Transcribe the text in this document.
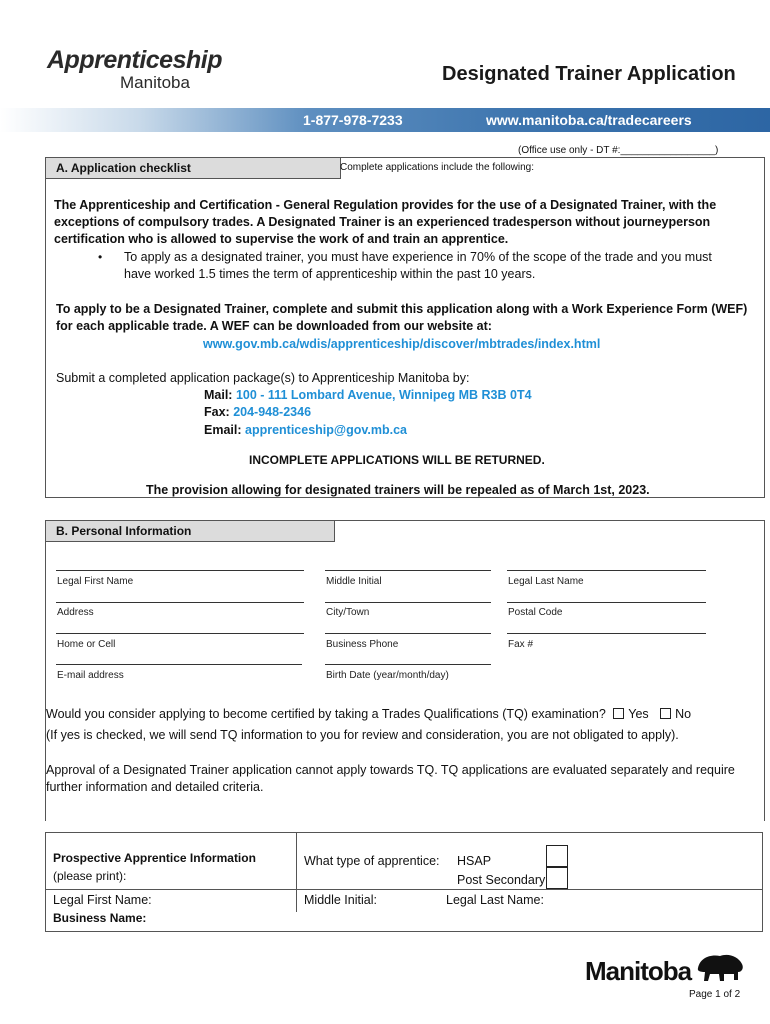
Apprenticeship
Manitoba	Designated Trainer Application
1-877-978-7233	www.manitoba.ca/tradecareers
(Office use only - DT #:_________________)
A. Application checklist	Complete applications include the following:
The Apprenticeship and Certification - General Regulation provides for the use of a Designated Trainer, with the exceptions of compulsory trades. A Designated Trainer is an experienced tradesperson without journeyperson certification who is allowed to supervise the work of and train an apprentice.
• To apply as a designated trainer, you must have experience in 70% of the scope of the trade and you must have worked 1.5 times the term of apprenticeship within the past 10 years.
To apply to be a Designated Trainer, complete and submit this application along with a Work Experience Form (WEF) for each applicable trade. A WEF can be downloaded from our website at:
www.gov.mb.ca/wdis/apprenticeship/discover/mbtrades/index.html
Submit a completed application package(s) to Apprenticeship Manitoba by:
Mail: 100 - 111 Lombard Avenue, Winnipeg MB R3B 0T4
Fax: 204-948-2346
Email: apprenticeship@gov.mb.ca
INCOMPLETE APPLICATIONS WILL BE RETURNED.
The provision allowing for designated trainers will be repealed as of March 1st, 2023.
B. Personal Information
Legal First Name	Middle Initial	Legal Last Name
Address	City/Town	Postal Code
Home or Cell	Business Phone	Fax #
E-mail address	Birth Date (year/month/day)
Would you consider applying to become certified by taking a Trades Qualifications (TQ) examination? Yes No
(If yes is checked, we will send TQ information to you for review and consideration, you are not obligated to apply).
Approval of a Designated Trainer application cannot apply towards TQ. TQ applications are evaluated separately and require further information and detailed criteria.
Prospective Apprentice Information
(please print):
What type of apprentice: HSAP
Post Secondary
Legal First Name:	Middle Initial:	Legal Last Name:
Business Name:
Manitoba
Page 1 of 2
